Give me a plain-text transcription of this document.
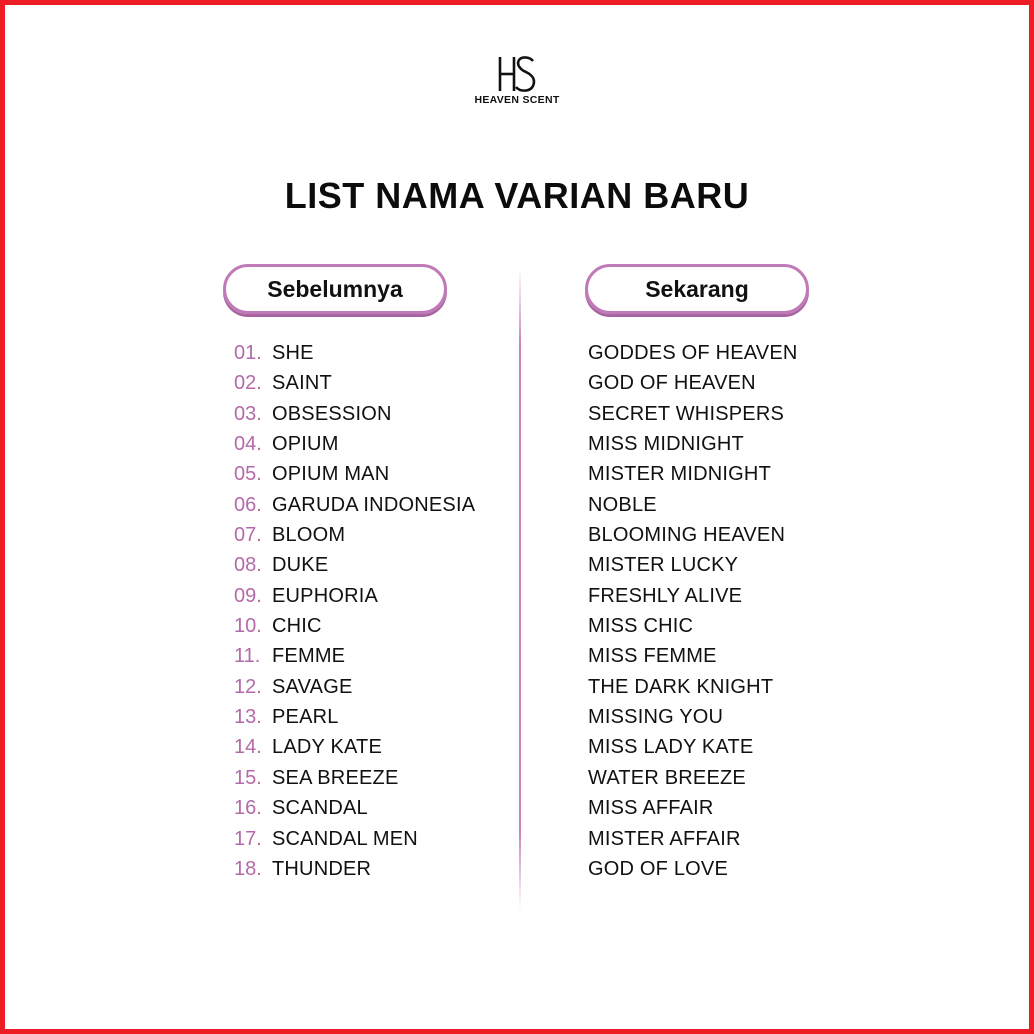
HEAVEN SCENT
LIST NAMA VARIAN BARU
Sebelumnya	Sekarang
01. SHE
02. SAINT
03. OBSESSION
04. OPIUM
05. OPIUM MAN
06. GARUDA INDONESIA
07. BLOOM
08. DUKE
09. EUPHORIA
10. CHIC
11. FEMME
12. SAVAGE
13. PEARL
14. LADY KATE
15. SEA BREEZE
16. SCANDAL
17. SCANDAL MEN
18. THUNDER
GODDES OF HEAVEN
GOD OF HEAVEN
SECRET WHISPERS
MISS MIDNIGHT
MISTER MIDNIGHT
NOBLE
BLOOMING HEAVEN
MISTER LUCKY
FRESHLY ALIVE
MISS CHIC
MISS FEMME
THE DARK KNIGHT
MISSING YOU
MISS LADY KATE
WATER BREEZE
MISS AFFAIR
MISTER AFFAIR
GOD OF LOVE
